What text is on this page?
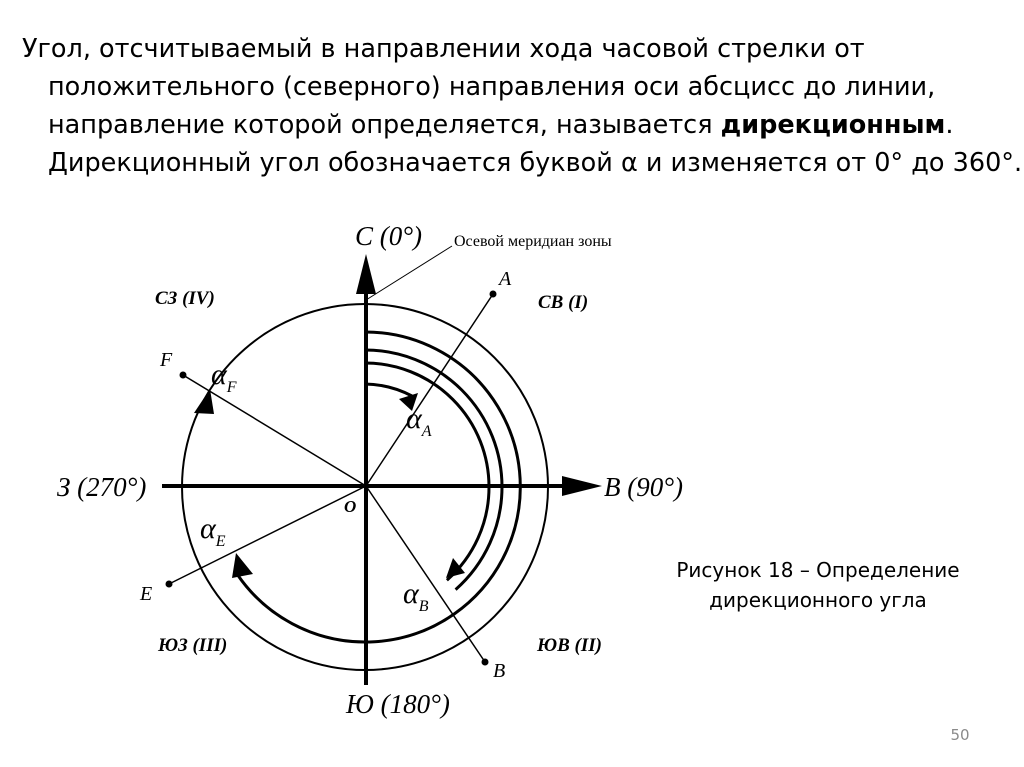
Угол, отсчитываемый в направлении хода часовой стрелки от
положительного (северного) направления оси абсцисс до линии,
направление которой определяется, называется дирекционным.
Дирекционный угол обозначается буквой α и изменяется от 0° до 360°.
С (0°) Осевой меридиан зоны
В (90°)
Ю (180°)
З (270°)
O
СВ (I)
ЮВ (II)
ЮЗ (III)
СЗ (IV)
A
B
E
F
$\alpha_A$
$\alpha_B$
$\alpha_E$
$\alpha_F$
Рисунок 18 – Определение
дирекционного угла
50
